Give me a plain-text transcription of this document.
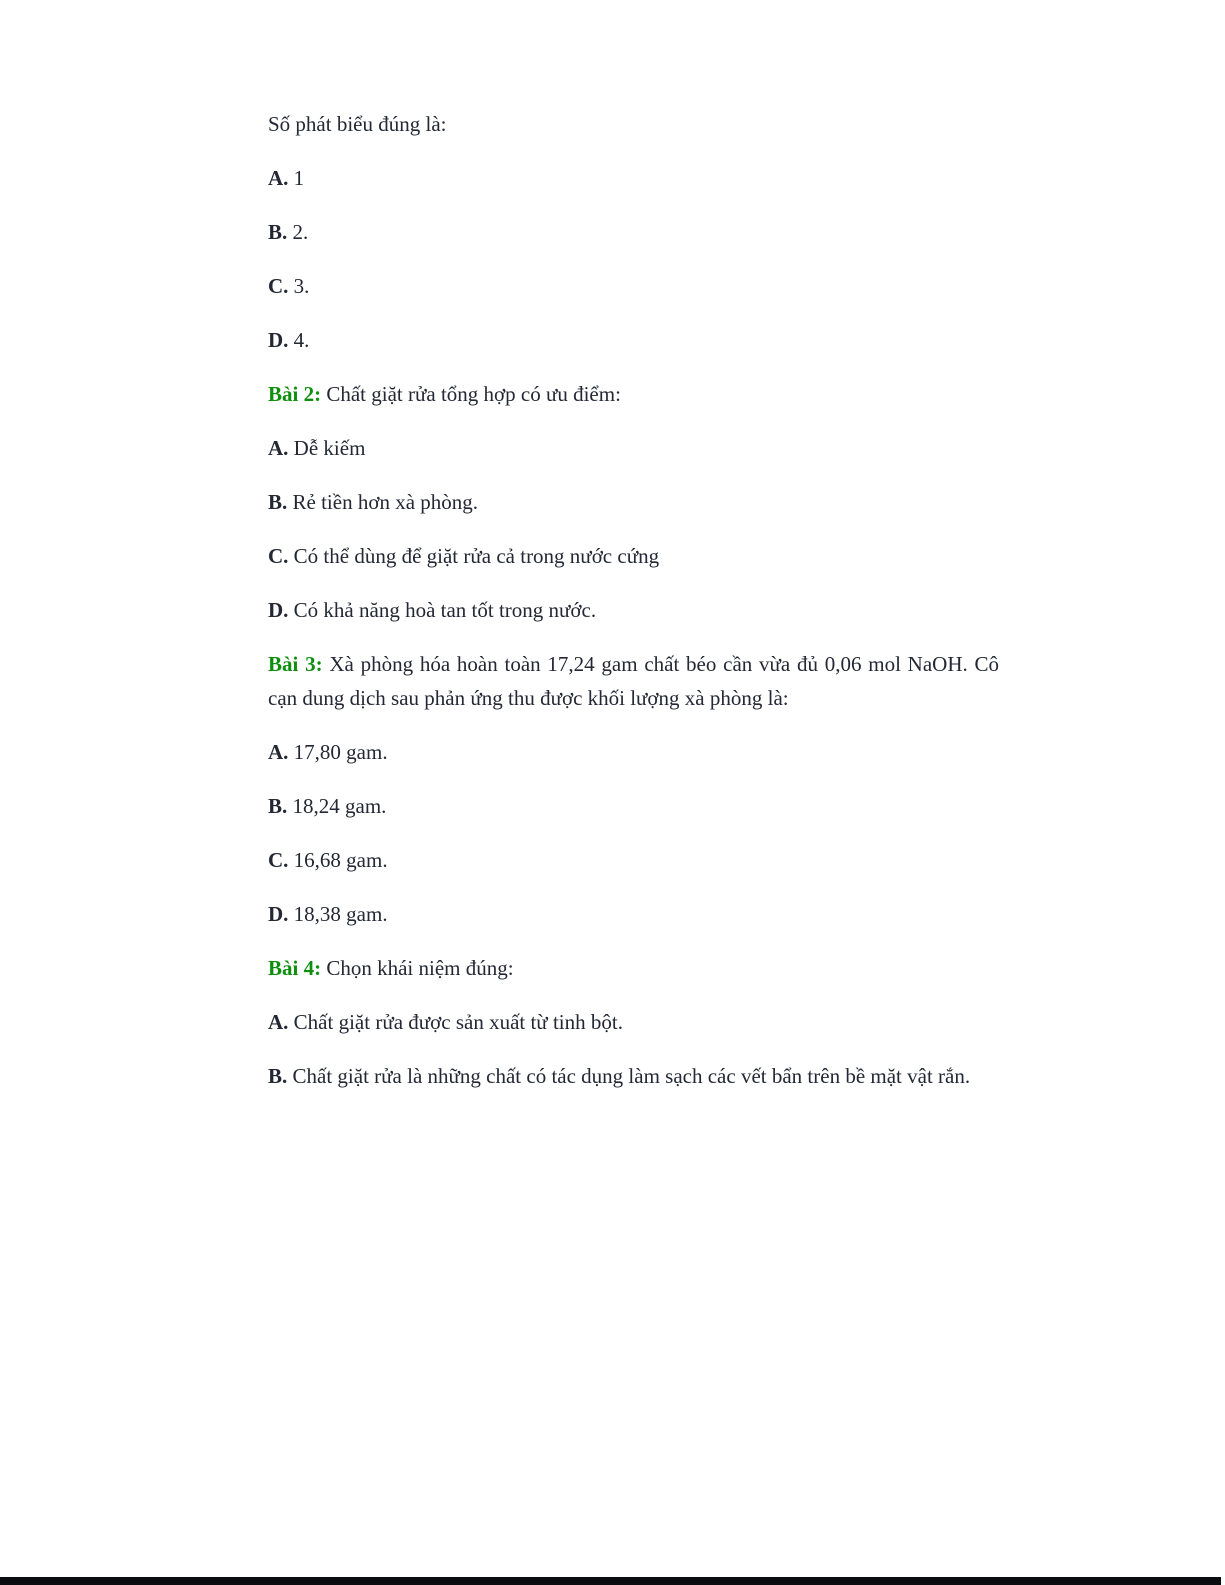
Số phát biểu đúng là:

A. 1

B. 2.

C. 3.

D. 4.

Bài 2: Chất giặt rửa tổng hợp có ưu điểm:

A. Dễ kiếm

B. Rẻ tiền hơn xà phòng.

C. Có thể dùng để giặt rửa cả trong nước cứng

D. Có khả năng hoà tan tốt trong nước.

Bài 3: Xà phòng hóa hoàn toàn 17,24 gam chất béo cần vừa đủ 0,06 mol NaOH. Cô cạn dung dịch sau phản ứng thu được khối lượng xà phòng là:

A. 17,80 gam.

B. 18,24 gam.

C. 16,68 gam.

D. 18,38 gam.

Bài 4: Chọn khái niệm đúng:

A. Chất giặt rửa được sản xuất từ tinh bột.

B. Chất giặt rửa là những chất có tác dụng làm sạch các vết bẩn trên bề mặt vật rắn.
